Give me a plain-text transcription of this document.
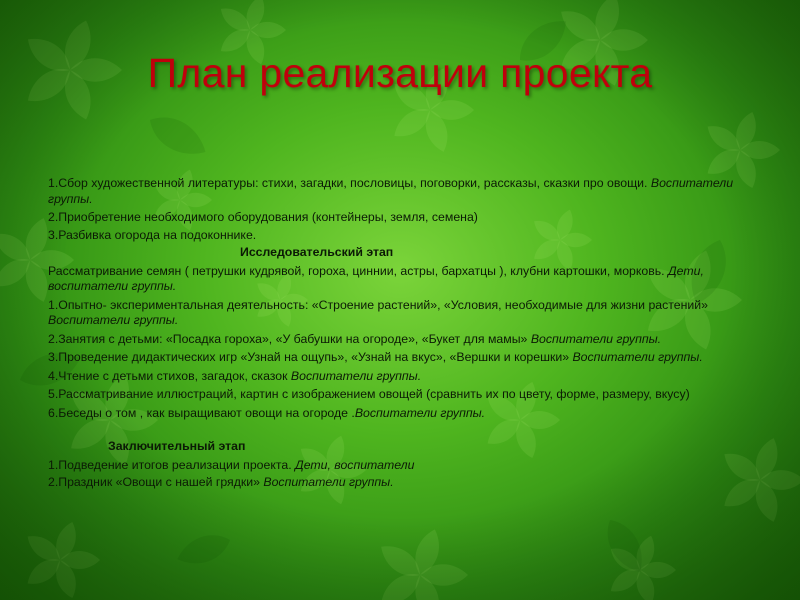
План реализации проекта

1.Сбор художественной литературы: стихи, загадки, пословицы, поговорки, рассказы, сказки про овощи. Воспитатели группы.

2.Приобретение необходимого оборудования (контейнеры, земля, семена)

3.Разбивка огорода на подоконнике.

Исследовательский этап

Рассматривание семян ( петрушки кудрявой, гороха, циннии, астры, бархатцы ), клубни картошки, морковь. Дети, воспитатели группы.

1.Опытно- экспериментальная деятельность: «Строение растений», «Условия, необходимые для жизни растений» Воспитатели группы.

2.Занятия с детьми: «Посадка гороха», «У бабушки на огороде», «Букет для мамы» Воспитатели группы.

3.Проведение дидактических игр «Узнай на ощупь», «Узнай на вкус», «Вершки и корешки» Воспитатели группы.

4.Чтение с детьми стихов, загадок, сказок Воспитатели группы.

5.Рассматривание иллюстраций, картин с изображением овощей (сравнить их по цвету, форме, размеру, вкусу)

6.Беседы о том , как выращивают овощи на огороде .Воспитатели группы.

Заключительный этап

1.Подведение итогов реализации проекта. Дети, воспитатели

2.Праздник «Овощи с нашей грядки» Воспитатели группы.
